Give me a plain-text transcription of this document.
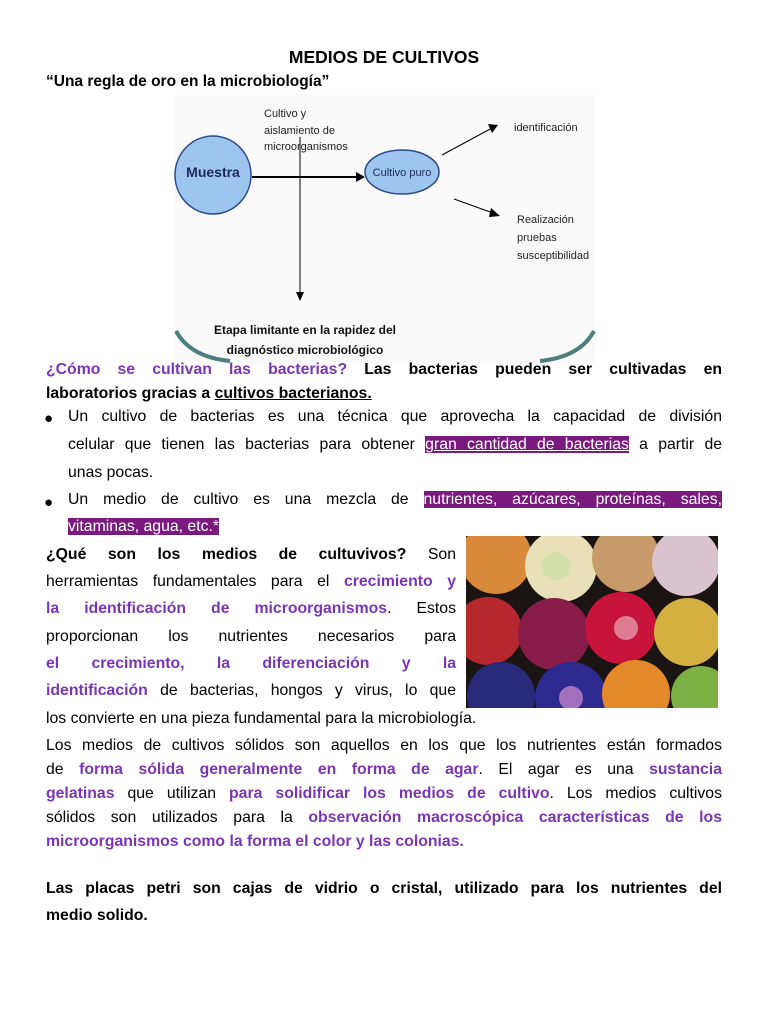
MEDIOS DE CULTIVOS
“Una regla de oro en la microbiología”
Muestra
Cultivo y
aislamiento de
microorganismos
Cultivo puro
identificación
Realización
pruebas
susceptibilidad
Etapa limitante en la rapidez del
diagnóstico microbiológico
¿Cómo se cultivan las bacterias? Las bacterias pueden ser cultivadas en
laboratorios gracias a cultivos bacterianos.
● Un cultivo de bacterias es una técnica que aprovecha la capacidad de división
celular que tienen las bacterias para obtener gran cantidad de bacterias a partir de
unas pocas.
● Un medio de cultivo es una mezcla de nutrientes, azúcares, proteínas, sales,
vitaminas, agua, etc.*
¿Qué son los medios de cultuvivos? Son
herramientas fundamentales para el crecimiento y
la identificación de microorganismos. Estos
proporcionan los nutrientes necesarios para
el crecimiento, la diferenciación y la
identificación de bacterias, hongos y virus, lo que
los convierte en una pieza fundamental para la microbiología.
Los medios de cultivos sólidos son aquellos en los que los nutrientes están formados
de forma sólida generalmente en forma de agar. El agar es una sustancia
gelatinas que utilizan para solidificar los medios de cultivo. Los medios cultivos
sólidos son utilizados para la observación macroscópica características de los
microorganismos como la forma el color y las colonias.
Las placas petri son cajas de vidrio o cristal, utilizado para los nutrientes del
medio solido.
